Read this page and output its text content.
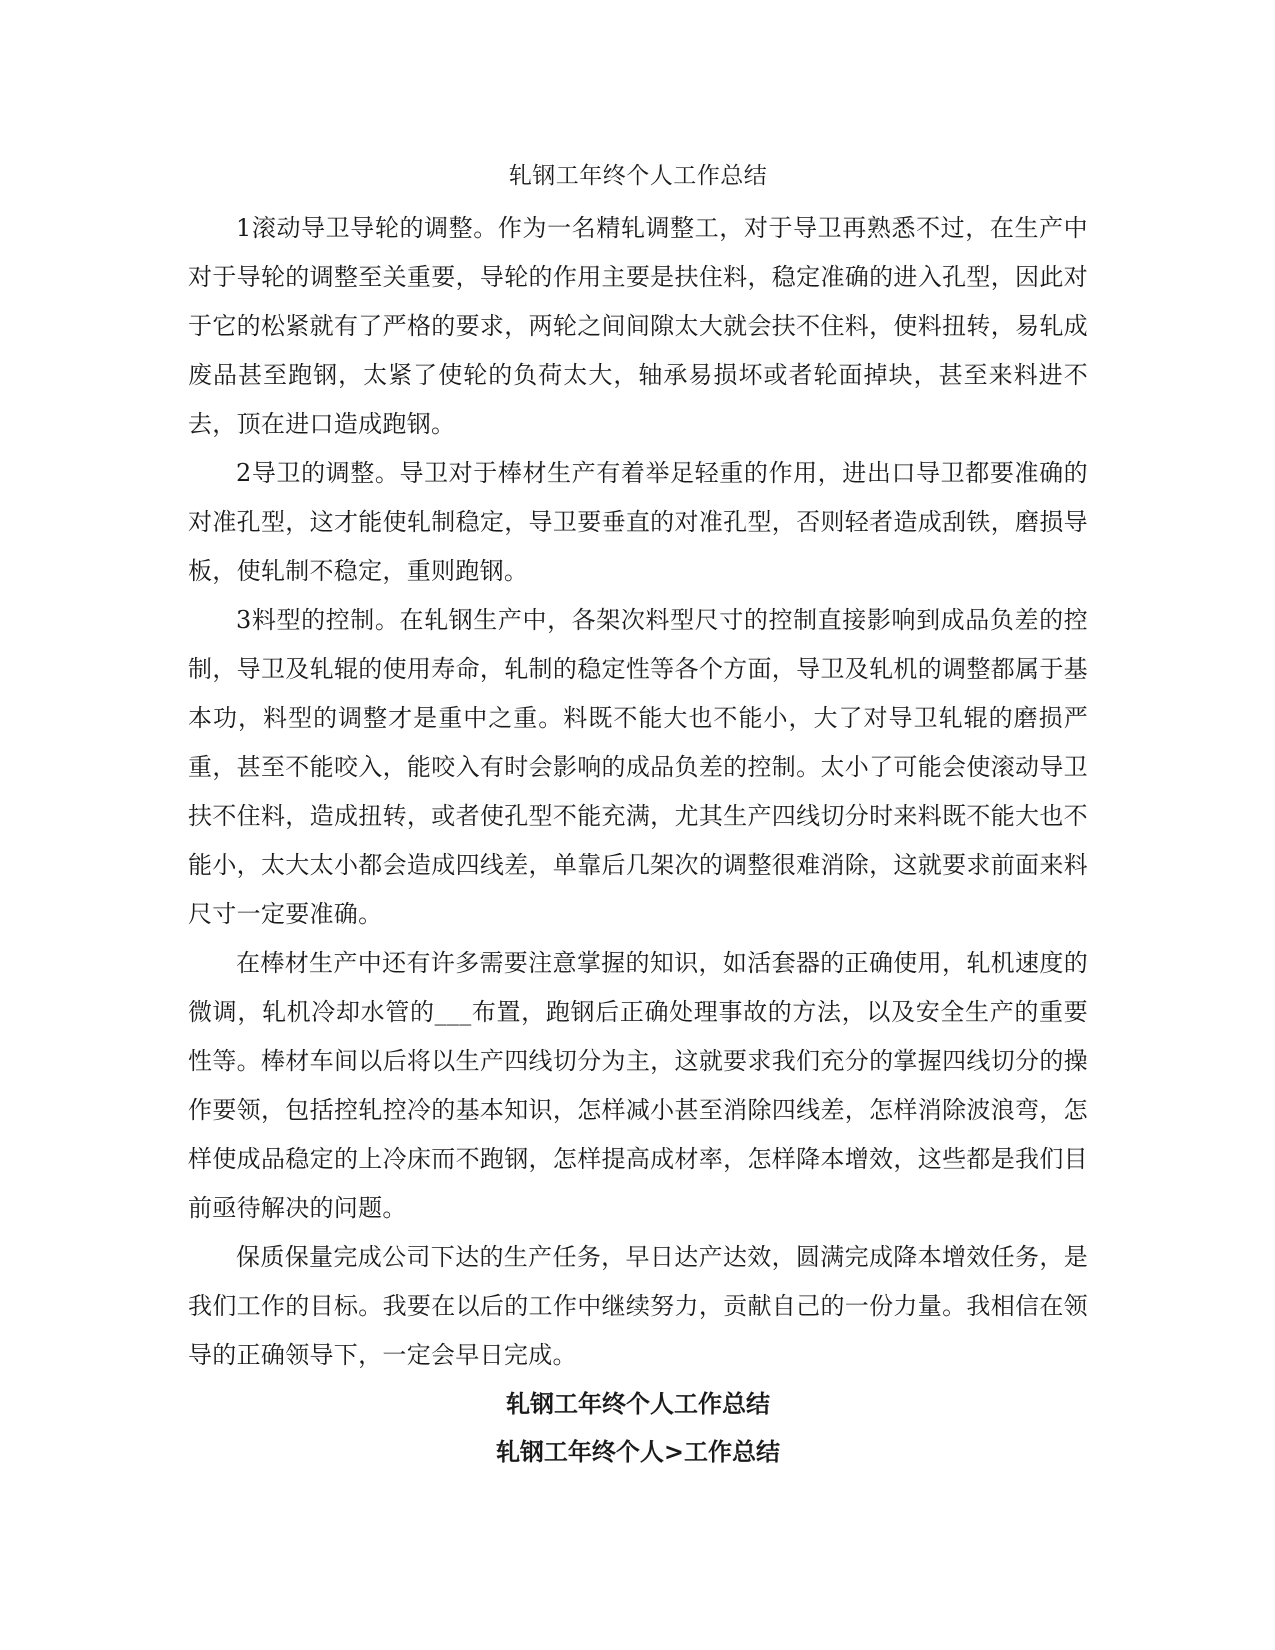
轧钢工年终个人工作总结

1滚动导卫导轮的调整。作为一名精轧调整工，对于导卫再熟悉不过，在生产中对于导轮的调整至关重要，导轮的作用主要是扶住料，稳定准确的进入孔型，因此对于它的松紧就有了严格的要求，两轮之间间隙太大就会扶不住料，使料扭转，易轧成废品甚至跑钢，太紧了使轮的负荷太大，轴承易损坏或者轮面掉块，甚至来料进不去，顶在进口造成跑钢。

2导卫的调整。导卫对于棒材生产有着举足轻重的作用，进出口导卫都要准确的对准孔型，这才能使轧制稳定，导卫要垂直的对准孔型，否则轻者造成刮铁，磨损导板，使轧制不稳定，重则跑钢。

3料型的控制。在轧钢生产中，各架次料型尺寸的控制直接影响到成品负差的控制，导卫及轧辊的使用寿命，轧制的稳定性等各个方面，导卫及轧机的调整都属于基本功，料型的调整才是重中之重。料既不能大也不能小，大了对导卫轧辊的磨损严重，甚至不能咬入，能咬入有时会影响的成品负差的控制。太小了可能会使滚动导卫扶不住料，造成扭转，或者使孔型不能充满，尤其生产四线切分时来料既不能大也不能小，太大太小都会造成四线差，单靠后几架次的调整很难消除，这就要求前面来料尺寸一定要准确。

在棒材生产中还有许多需要注意掌握的知识，如活套器的正确使用，轧机速度的微调，轧机冷却水管的___布置，跑钢后正确处理事故的方法，以及安全生产的重要性等。棒材车间以后将以生产四线切分为主，这就要求我们充分的掌握四线切分的操作要领，包括控轧控冷的基本知识，怎样减小甚至消除四线差，怎样消除波浪弯，怎样使成品稳定的上冷床而不跑钢，怎样提高成材率，怎样降本增效，这些都是我们目前亟待解决的问题。

保质保量完成公司下达的生产任务，早日达产达效，圆满完成降本增效任务，是我们工作的目标。我要在以后的工作中继续努力，贡献自己的一份力量。我相信在领导的正确领导下，一定会早日完成。

轧钢工年终个人工作总结
轧钢工年终个人>工作总结
